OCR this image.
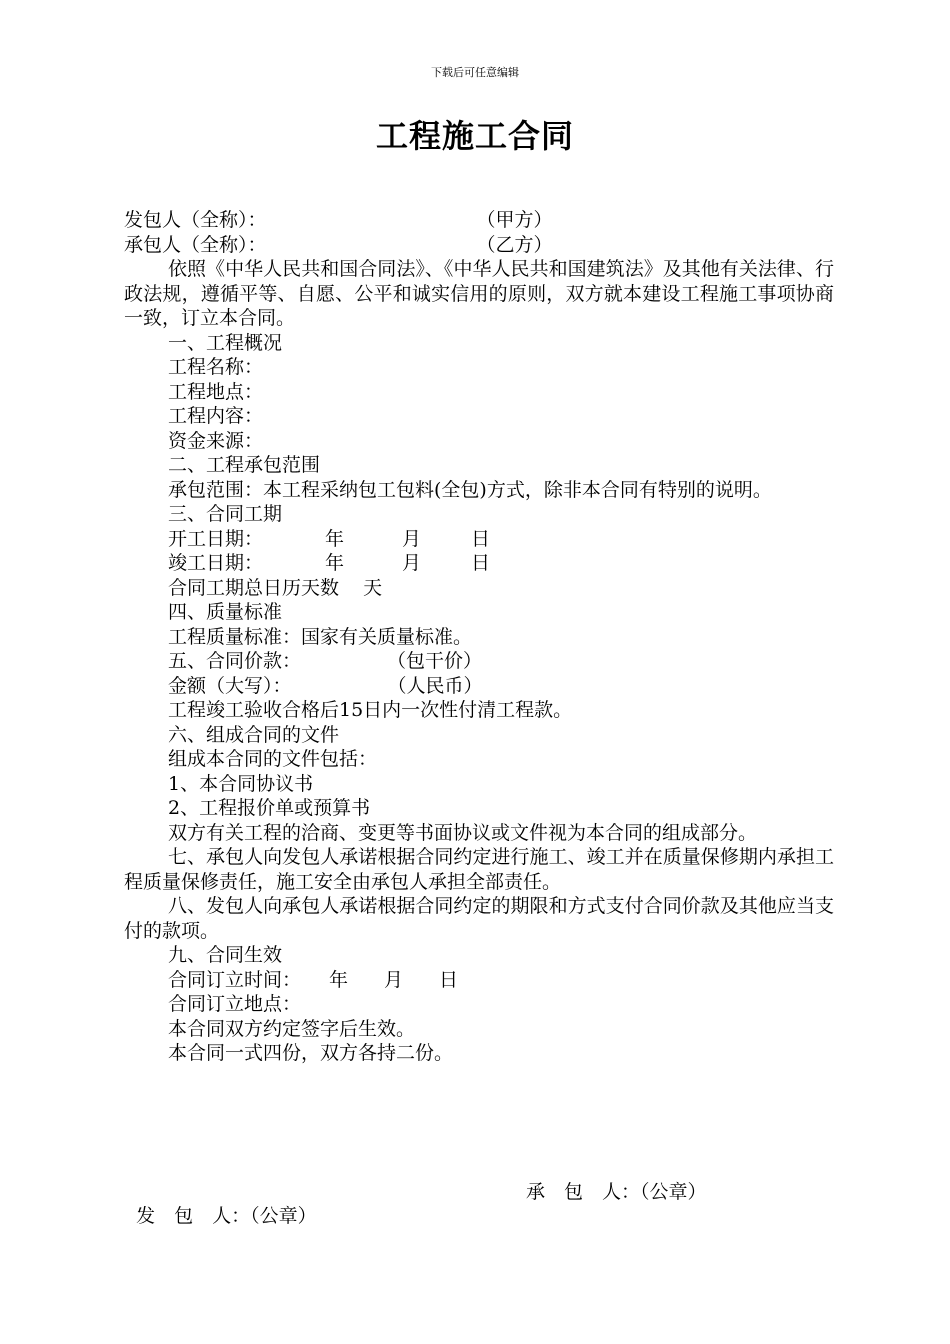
下载后可任意编辑
工程施工合同
发包人（全称）：	（甲方）
承包人（全称）：	（乙方）
依照《中华人民共和国合同法》、《中华人民共和国建筑法》及其他有关法律、行政法规，遵循平等、自愿、公平和诚实信用的原则，双方就本建设工程施工事项协商一致，订立本合同。
一、工程概况
工程名称：
工程地点：
工程内容：
资金来源：
二、工程承包范围
承包范围：本工程采纳包工包料(全包)方式，除非本合同有特别的说明。
三、合同工期
开工日期：	年	月	日
竣工日期：	年	月	日
合同工期总日历天数    天
四、质量标准
工程质量标准：国家有关质量标准。
五、合同价款：	（包干价）
金额（大写）：	（人民币）
工程竣工验收合格后15日内一次性付清工程款。
六、组成合同的文件
组成本合同的文件包括：
1、本合同协议书
2、工程报价单或预算书
双方有关工程的洽商、变更等书面协议或文件视为本合同的组成部分。
七、承包人向发包人承诺根据合同约定进行施工、竣工并在质量保修期内承担工程质量保修责任，施工安全由承包人承担全部责任。
八、发包人向承包人承诺根据合同约定的期限和方式支付合同价款及其他应当支付的款项。
九、合同生效
合同订立时间： 年 月 日
合同订立地点：
本合同双方约定签字后生效。
本合同一式四份，双方各持二份。

发　包　人：（公章）

承　包　人：（公章）
